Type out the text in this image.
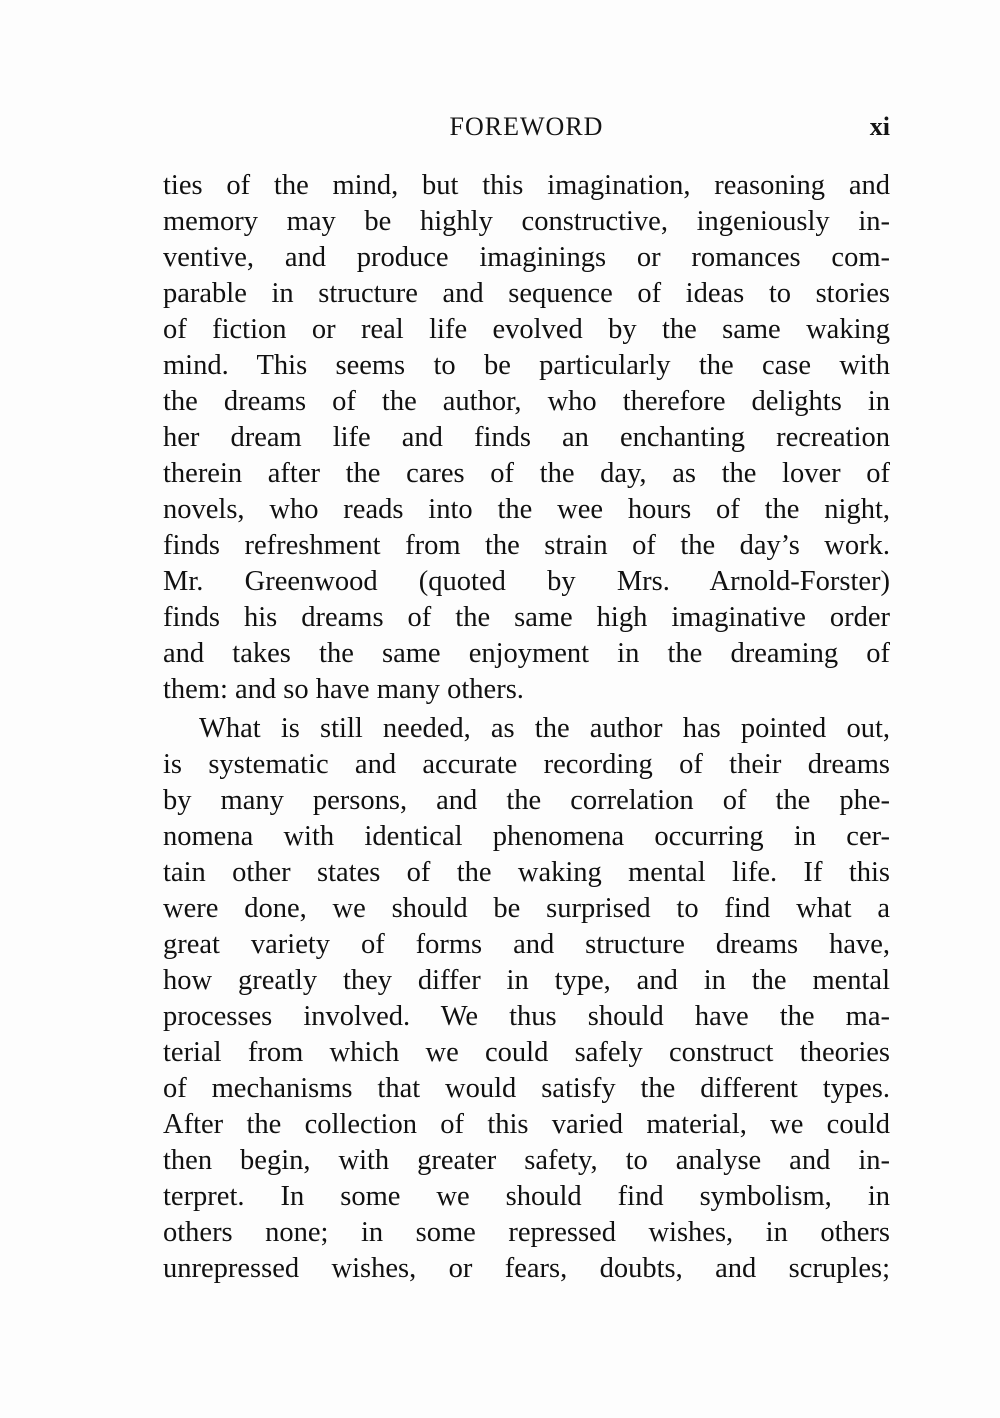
FOREWORD	xi
ties of the mind, but this imagination, reasoning and
memory may be highly constructive, ingeniously in-
ventive, and produce imaginings or romances com-
parable in structure and sequence of ideas to stories
of fiction or real life evolved by the same waking
mind. This seems to be particularly the case with
the dreams of the author, who therefore delights in
her dream life and finds an enchanting recreation
therein after the cares of the day, as the lover of
novels, who reads into the wee hours of the night,
finds refreshment from the strain of the day’s work.
Mr. Greenwood (quoted by Mrs. Arnold-Forster)
finds his dreams of the same high imaginative order
and takes the same enjoyment in the dreaming of
them: and so have many others.
What is still needed, as the author has pointed out,
is systematic and accurate recording of their dreams
by many persons, and the correlation of the phe-
nomena with identical phenomena occurring in cer-
tain other states of the waking mental life. If this
were done, we should be surprised to find what a
great variety of forms and structure dreams have,
how greatly they differ in type, and in the mental
processes involved. We thus should have the ma-
terial from which we could safely construct theories
of mechanisms that would satisfy the different types.
After the collection of this varied material, we could
then begin, with greater safety, to analyse and in-
terpret. In some we should find symbolism, in
others none; in some repressed wishes, in others
unrepressed wishes, or fears, doubts, and scruples;
